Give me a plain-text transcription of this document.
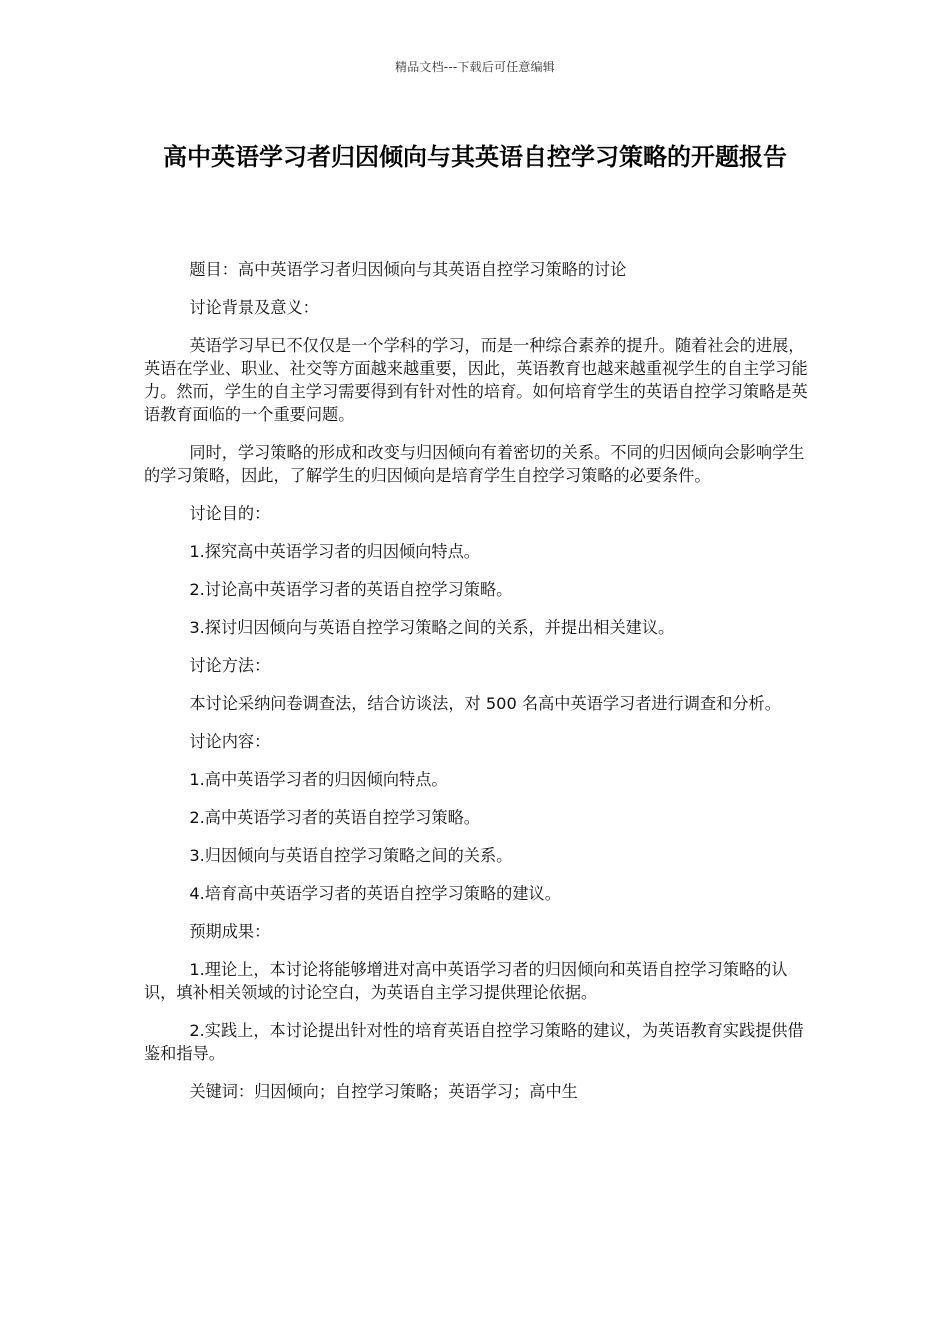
精品文档---下载后可任意编辑
高中英语学习者归因倾向与其英语自控学习策略的开题报告

题目：高中英语学习者归因倾向与其英语自控学习策略的讨论

讨论背景及意义：

英语学习早已不仅仅是一个学科的学习，而是一种综合素养的提升。随着社会的进展，英语在学业、职业、社交等方面越来越重要，因此，英语教育也越来越重视学生的自主学习能力。然而，学生的自主学习需要得到有针对性的培育。如何培育学生的英语自控学习策略是英语教育面临的一个重要问题。

同时，学习策略的形成和改变与归因倾向有着密切的关系。不同的归因倾向会影响学生的学习策略，因此，了解学生的归因倾向是培育学生自控学习策略的必要条件。

讨论目的：

1.探究高中英语学习者的归因倾向特点。

2.讨论高中英语学习者的英语自控学习策略。

3.探讨归因倾向与英语自控学习策略之间的关系，并提出相关建议。

讨论方法：

本讨论采纳问卷调查法，结合访谈法，对 500 名高中英语学习者进行调查和分析。

讨论内容：

1.高中英语学习者的归因倾向特点。

2.高中英语学习者的英语自控学习策略。

3.归因倾向与英语自控学习策略之间的关系。

4.培育高中英语学习者的英语自控学习策略的建议。

预期成果：

1.理论上，本讨论将能够增进对高中英语学习者的归因倾向和英语自控学习策略的认识，填补相关领域的讨论空白，为英语自主学习提供理论依据。

2.实践上，本讨论提出针对性的培育英语自控学习策略的建议，为英语教育实践提供借鉴和指导。

关键词：归因倾向；自控学习策略；英语学习；高中生
